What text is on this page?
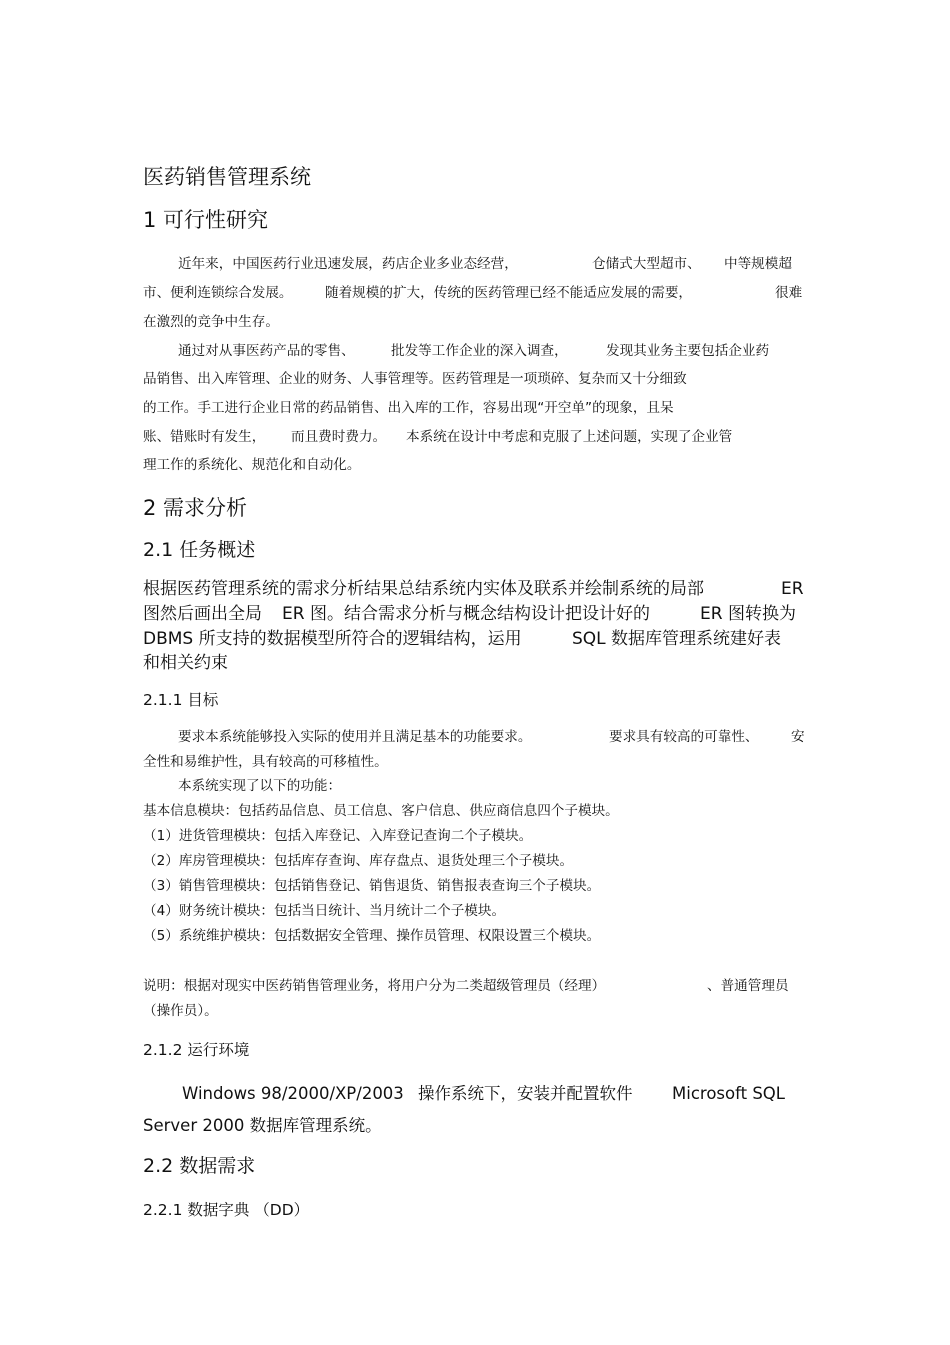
医药销售管理系统
1 可行性研究
近年来，中国医药行业迅速发展，药店企业多业态经营，	仓储式大型超市、 中等规模超
市、便利连锁综合发展。 随着规模的扩大，传统的医药管理已经不能适应发展的需要，	很难
在激烈的竞争中生存。
通过对从事医药产品的零售、	批发等工作企业的深入调查，	发现其业务主要包括企业药
品销售、出入库管理、企业的财务、人事管理等。医药管理是一项琐碎、复杂而又十分细致
的工作。手工进行企业日常的药品销售、出入库的工作，容易出现“开空单”的现象，且呆
账、错账时有发生， 而且费时费力。 本系统在设计中考虑和克服了上述问题，实现了企业管
理工作的系统化、规范化和自动化。
2 需求分析
2.1 任务概述
根据医药管理系统的需求分析结果总结系统内实体及联系并绘制系统的局部	ER
图然后画出全局 ER 图。结合需求分析与概念结构设计把设计好的	ER 图转换为
DBMS 所支持的数据模型所符合的逻辑结构，运用	SQL 数据库管理系统建好表
和相关约束
2.1.1 目标
要求本系统能够投入实际的使用并且满足基本的功能要求。	要求具有较高的可靠性、 安
全性和易维护性，具有较高的可移植性。
本系统实现了以下的功能：
基本信息模块：包括药品信息、员工信息、客户信息、供应商信息四个子模块。
（1）进货管理模块：包括入库登记、入库登记查询二个子模块。
（2）库房管理模块：包括库存查询、库存盘点、退货处理三个子模块。
（3）销售管理模块：包括销售登记、销售退货、销售报表查询三个子模块。
（4）财务统计模块：包括当日统计、当月统计二个子模块。
（5）系统维护模块：包括数据安全管理、操作员管理、权限设置三个模块。
说明：根据对现实中医药销售管理业务，将用户分为二类超级管理员（经理）	、普通管理员
（操作员）。
2.1.2 运行环境
Windows 98/2000/XP/2003 操作系统下，安装并配置软件 Microsoft SQL
Server 2000 数据库管理系统。
2.2 数据需求
2.2.1 数据字典 （DD）
